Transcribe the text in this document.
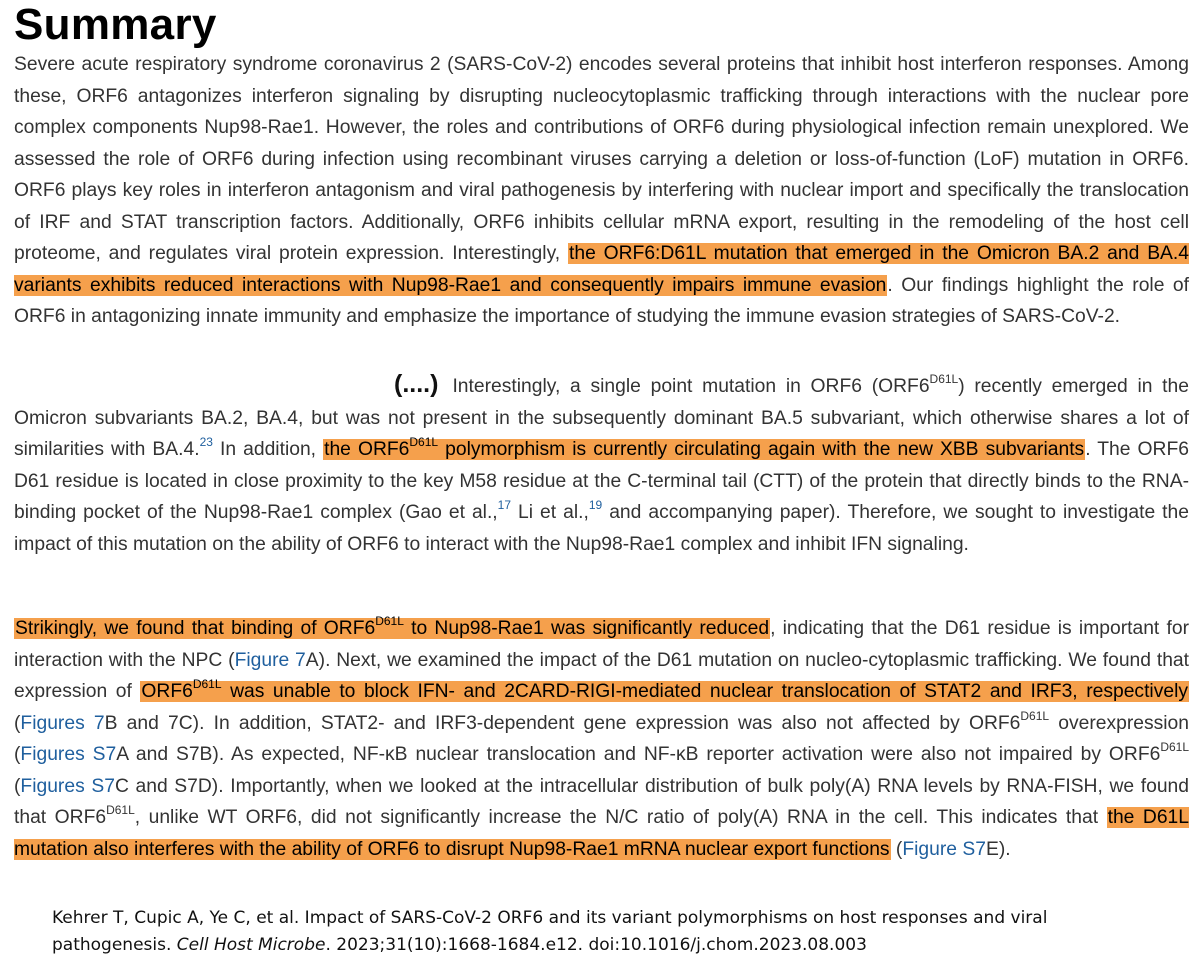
Summary

Severe acute respiratory syndrome coronavirus 2 (SARS-CoV-2) encodes several proteins that inhibit host interferon responses. Among these, ORF6 antagonizes interferon signaling by disrupting nucleocytoplasmic trafficking through interactions with the nuclear pore complex components Nup98-Rae1. However, the roles and contributions of ORF6 during physiological infection remain unexplored. We assessed the role of ORF6 during infection using recombinant viruses carrying a deletion or loss-of-function (LoF) mutation in ORF6. ORF6 plays key roles in interferon antagonism and viral pathogenesis by interfering with nuclear import and specifically the translocation of IRF and STAT transcription factors. Additionally, ORF6 inhibits cellular mRNA export, resulting in the remodeling of the host cell proteome, and regulates viral protein expression. Interestingly, the ORF6:D61L mutation that emerged in the Omicron BA.2 and BA.4 variants exhibits reduced interactions with Nup98-Rae1 and consequently impairs immune evasion. Our findings highlight the role of ORF6 in antagonizing innate immunity and emphasize the importance of studying the immune evasion strategies of SARS-CoV-2.

(....) Interestingly, a single point mutation in ORF6 $(ORF6^{D61L})$ recently emerged in the Omicron subvariants BA.2, BA.4, but was not present in the subsequently dominant BA.5 subvariant, which otherwise shares a lot of similarities with BA.4.23 In addition, the $ORF6^{D61L}$ polymorphism is currently circulating again with the new XBB subvariants. The ORF6 D61 residue is located in close proximity to the key M58 residue at the C-terminal tail (CTT) of the protein that directly binds to the RNA-binding pocket of the Nup98-Rae1 complex (Gao et al.,$^{17}$ Li et al.,$^{19}$ and accompanying paper). Therefore, we sought to investigate the impact of this mutation on the ability of ORF6 to interact with the Nup98-Rae1 complex and inhibit IFN signaling.

Strikingly, we found that binding of $ORF6^{D61L}$ to Nup98-Rae1 was significantly reduced, indicating that the D61 residue is important for interaction with the NPC (Figure 7A). Next, we examined the impact of the D61 mutation on nucleo-cytoplasmic trafficking. We found that expression of $ORF6^{D61L}$ was unable to block IFN- and 2CARD-RIGI-mediated nuclear translocation of STAT2 and IRF3, respectively (Figures 7B and 7C). In addition, STAT2- and IRF3-dependent gene expression was also not affected by $ORF6^{D61L}$ overexpression (Figures S7A and S7B). As expected, NF-κB nuclear translocation and NF-κB reporter activation were also not impaired by $ORF6^{D61L}$ (Figures S7C and S7D). Importantly, when we looked at the intracellular distribution of bulk poly(A) RNA levels by RNA-FISH, we found that $ORF6^{D61L}$, unlike WT ORF6, did not significantly increase the N/C ratio of poly(A) RNA in the cell. This indicates that the D61L mutation also interferes with the ability of ORF6 to disrupt Nup98-Rae1 mRNA nuclear export functions (Figure S7E).

Kehrer T, Cupic A, Ye C, et al. Impact of SARS-CoV-2 ORF6 and its variant polymorphisms on host responses and viral pathogenesis. Cell Host Microbe. 2023;31(10):1668-1684.e12. doi:10.1016/j.chom.2023.08.003
